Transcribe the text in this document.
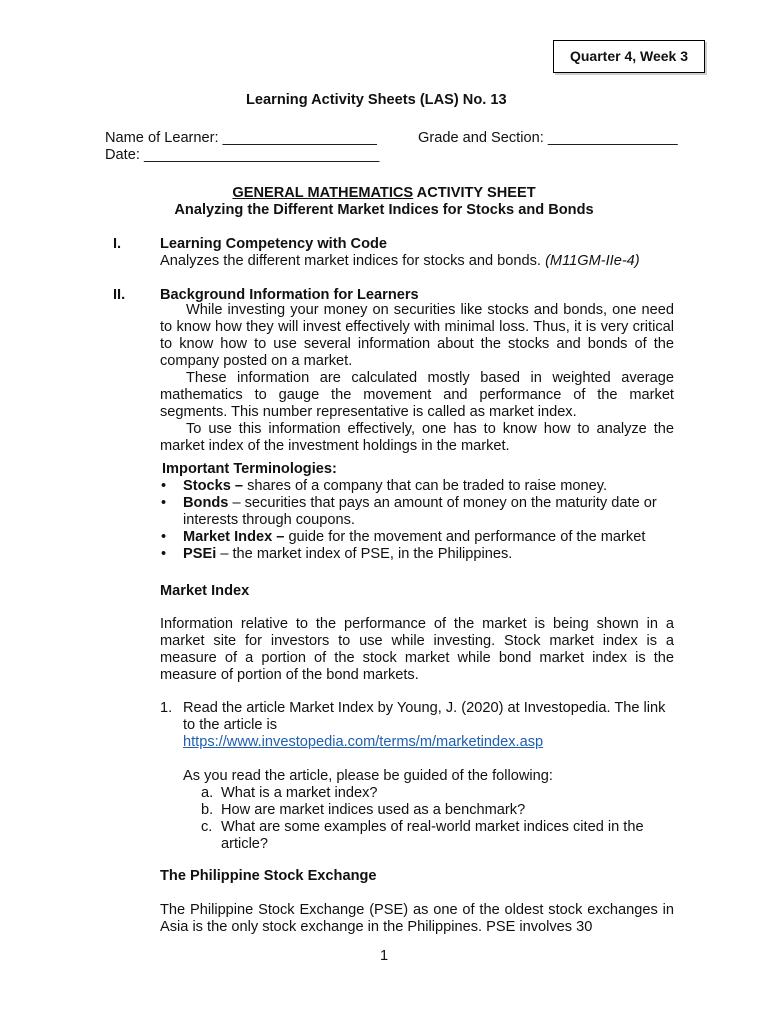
Quarter 4, Week 3
Learning Activity Sheets (LAS) No. 13
Name of Learner: ___________________	Grade and Section: ________________
Date: _____________________________
GENERAL MATHEMATICS ACTIVITY SHEET
Analyzing the Different Market Indices for Stocks and Bonds
I.	Learning Competency with Code
Analyzes the different market indices for stocks and bonds. (M11GM-IIe-4)
II. Background Information for Learners
While investing your money on securities like stocks and bonds, one need to know how they will invest effectively with minimal loss. Thus, it is very critical to know how to use several information about the stocks and bonds of the company posted on a market.
These information are calculated mostly based in weighted average mathematics to gauge the movement and performance of the market segments. This number representative is called as market index.
To use this information effectively, one has to know how to analyze the market index of the investment holdings in the market.
Important Terminologies:
• Stocks – shares of a company that can be traded to raise money.
• Bonds – securities that pays an amount of money on the maturity date or interests through coupons.
• Market Index – guide for the movement and performance of the market
• PSEi – the market index of PSE, in the Philippines.
Market Index
Information relative to the performance of the market is being shown in a market site for investors to use while investing. Stock market index is a measure of a portion of the stock market while bond market index is the measure of portion of the bond markets.
1. Read the article Market Index by Young, J. (2020) at Investopedia. The link to the article is
https://www.investopedia.com/terms/m/marketindex.asp
As you read the article, please be guided of the following:
a. What is a market index?
b. How are market indices used as a benchmark?
c. What are some examples of real-world market indices cited in the article?
The Philippine Stock Exchange
The Philippine Stock Exchange (PSE) as one of the oldest stock exchanges in Asia is the only stock exchange in the Philippines. PSE involves 30
1
